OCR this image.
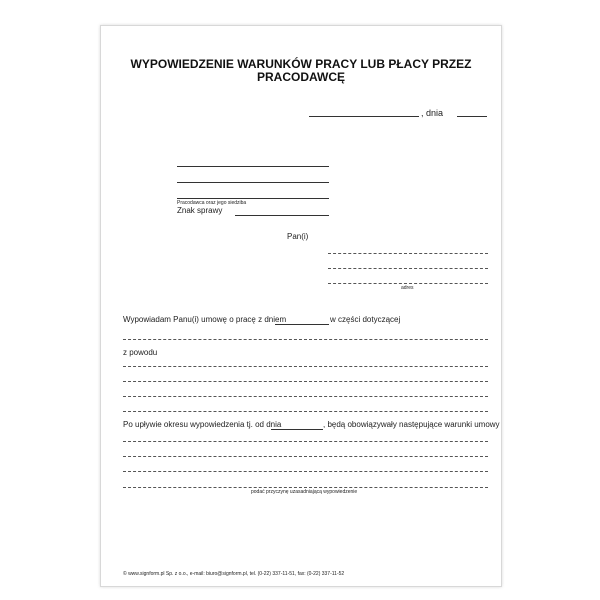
WYPOWIEDZENIE WARUNKÓW PRACY LUB PŁACY PRZEZ
PRACODAWCĘ
, dnia
Pracodawca oraz jego siedziba
Znak sprawy
Pan(i)
adres
Wypowiadam Panu(i) umowę o pracę z dniem	w części dotyczącej
z powodu
Po upływie okresu wypowiedzenia tj. od dnia	, będą obowiązywały następujące warunki umowy
podać przyczynę uzasadniającą wypowiedzenie
© www.signform.pl Sp. z o.o., e-mail: biuro@signform.pl, tel. (0-22) 337-11-51, fax: (0-22) 337-11-52
